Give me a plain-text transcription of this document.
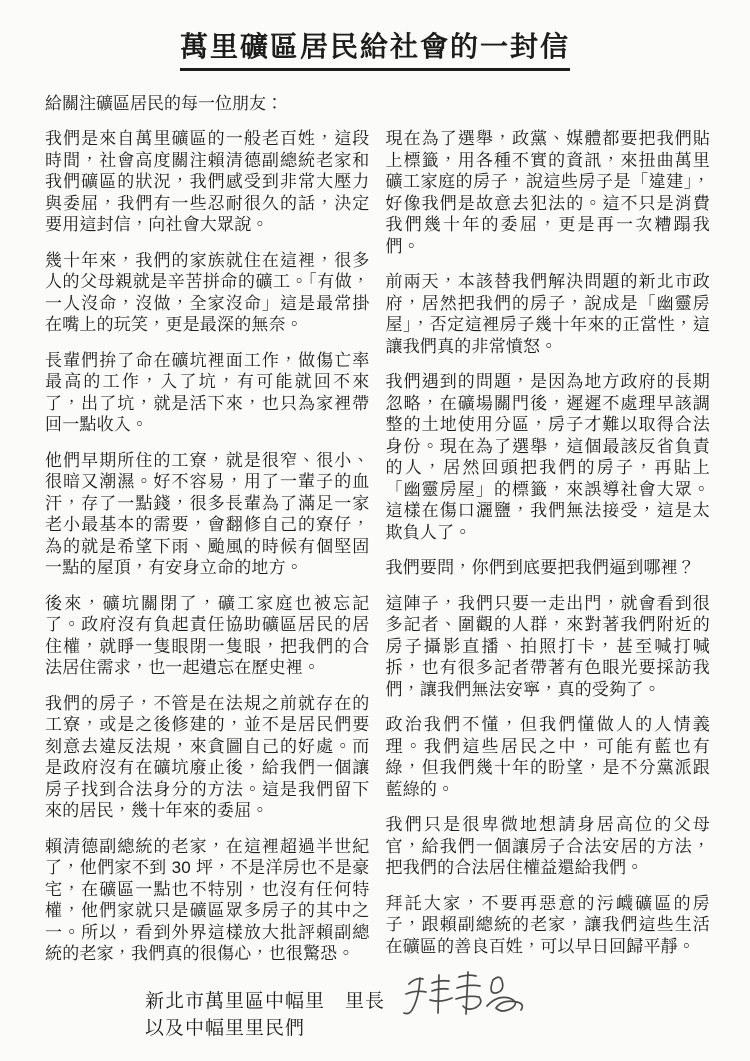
萬里礦區居民給社會的一封信

給關注礦區居民的每一位朋友：

我們是來自萬里礦區的一般老百姓，這段時間，社會高度關注賴清德副總統老家和我們礦區的狀況，我們感受到非常大壓力與委屈，我們有一些忍耐很久的話，決定要用這封信，向社會大眾說。

幾十年來，我們的家族就住在這裡，很多人的父母親就是辛苦拼命的礦工。「有做，一人沒命，沒做，全家沒命」這是最常掛在嘴上的玩笑，更是最深的無奈。

長輩們拚了命在礦坑裡面工作，做傷亡率最高的工作，入了坑，有可能就回不來了，出了坑，就是活下來，也只為家裡帶回一點收入。

他們早期所住的工寮，就是很窄、很小、很暗又潮濕。好不容易，用了一輩子的血汗，存了一點錢，很多長輩為了滿足一家老小最基本的需要，會翻修自己的寮仔，為的就是希望下雨、颱風的時候有個堅固一點的屋頂，有安身立命的地方。

後來，礦坑關閉了，礦工家庭也被忘記了。政府沒有負起責任協助礦區居民的居住權，就睜一隻眼閉一隻眼，把我們的合法居住需求，也一起遺忘在歷史裡。

我們的房子，不管是在法規之前就存在的工寮，或是之後修建的，並不是居民們要刻意去違反法規，來貪圖自己的好處。而是政府沒有在礦坑廢止後，給我們一個讓房子找到合法身分的方法。這是我們留下來的居民，幾十年來的委屈。

賴清德副總統的老家，在這裡超過半世紀了，他們家不到 30 坪，不是洋房也不是豪宅，在礦區一點也不特別，也沒有任何特權，他們家就只是礦區眾多房子的其中之一。所以，看到外界這樣放大批評賴副總統的老家，我們真的很傷心，也很驚恐。

現在為了選舉，政黨、媒體都要把我們貼上標籤，用各種不實的資訊，來扭曲萬里礦工家庭的房子，說這些房子是「違建」，好像我們是故意去犯法的。這不只是消費我們幾十年的委屈，更是再一次糟蹋我們。

前兩天，本該替我們解決問題的新北市政府，居然把我們的房子，說成是「幽靈房屋」，否定這裡房子幾十年來的正當性，這讓我們真的非常憤怒。

我們遇到的問題，是因為地方政府的長期忽略，在礦場關門後，遲遲不處理早該調整的土地使用分區，房子才難以取得合法身份。現在為了選舉，這個最該反省負責的人，居然回頭把我們的房子，再貼上「幽靈房屋」的標籤，來誤導社會大眾。這樣在傷口灑鹽，我們無法接受，這是太欺負人了。

我們要問，你們到底要把我們逼到哪裡？

這陣子，我們只要一走出門，就會看到很多記者、圍觀的人群，來對著我們附近的房子攝影直播、拍照打卡，甚至喊打喊拆，也有很多記者帶著有色眼光要採訪我們，讓我們無法安寧，真的受夠了。

政治我們不懂，但我們懂做人的人情義理。我們這些居民之中，可能有藍也有綠，但我們幾十年的盼望，是不分黨派跟藍綠的。

我們只是很卑微地想請身居高位的父母官，給我們一個讓房子合法安居的方法，把我們的合法居住權益還給我們。

拜託大家，不要再惡意的污衊礦區的房子，跟賴副總統的老家，讓我們這些生活在礦區的善良百姓，可以早日回歸平靜。

新北市萬里區中幅里　里長
以及中幅里里民們
